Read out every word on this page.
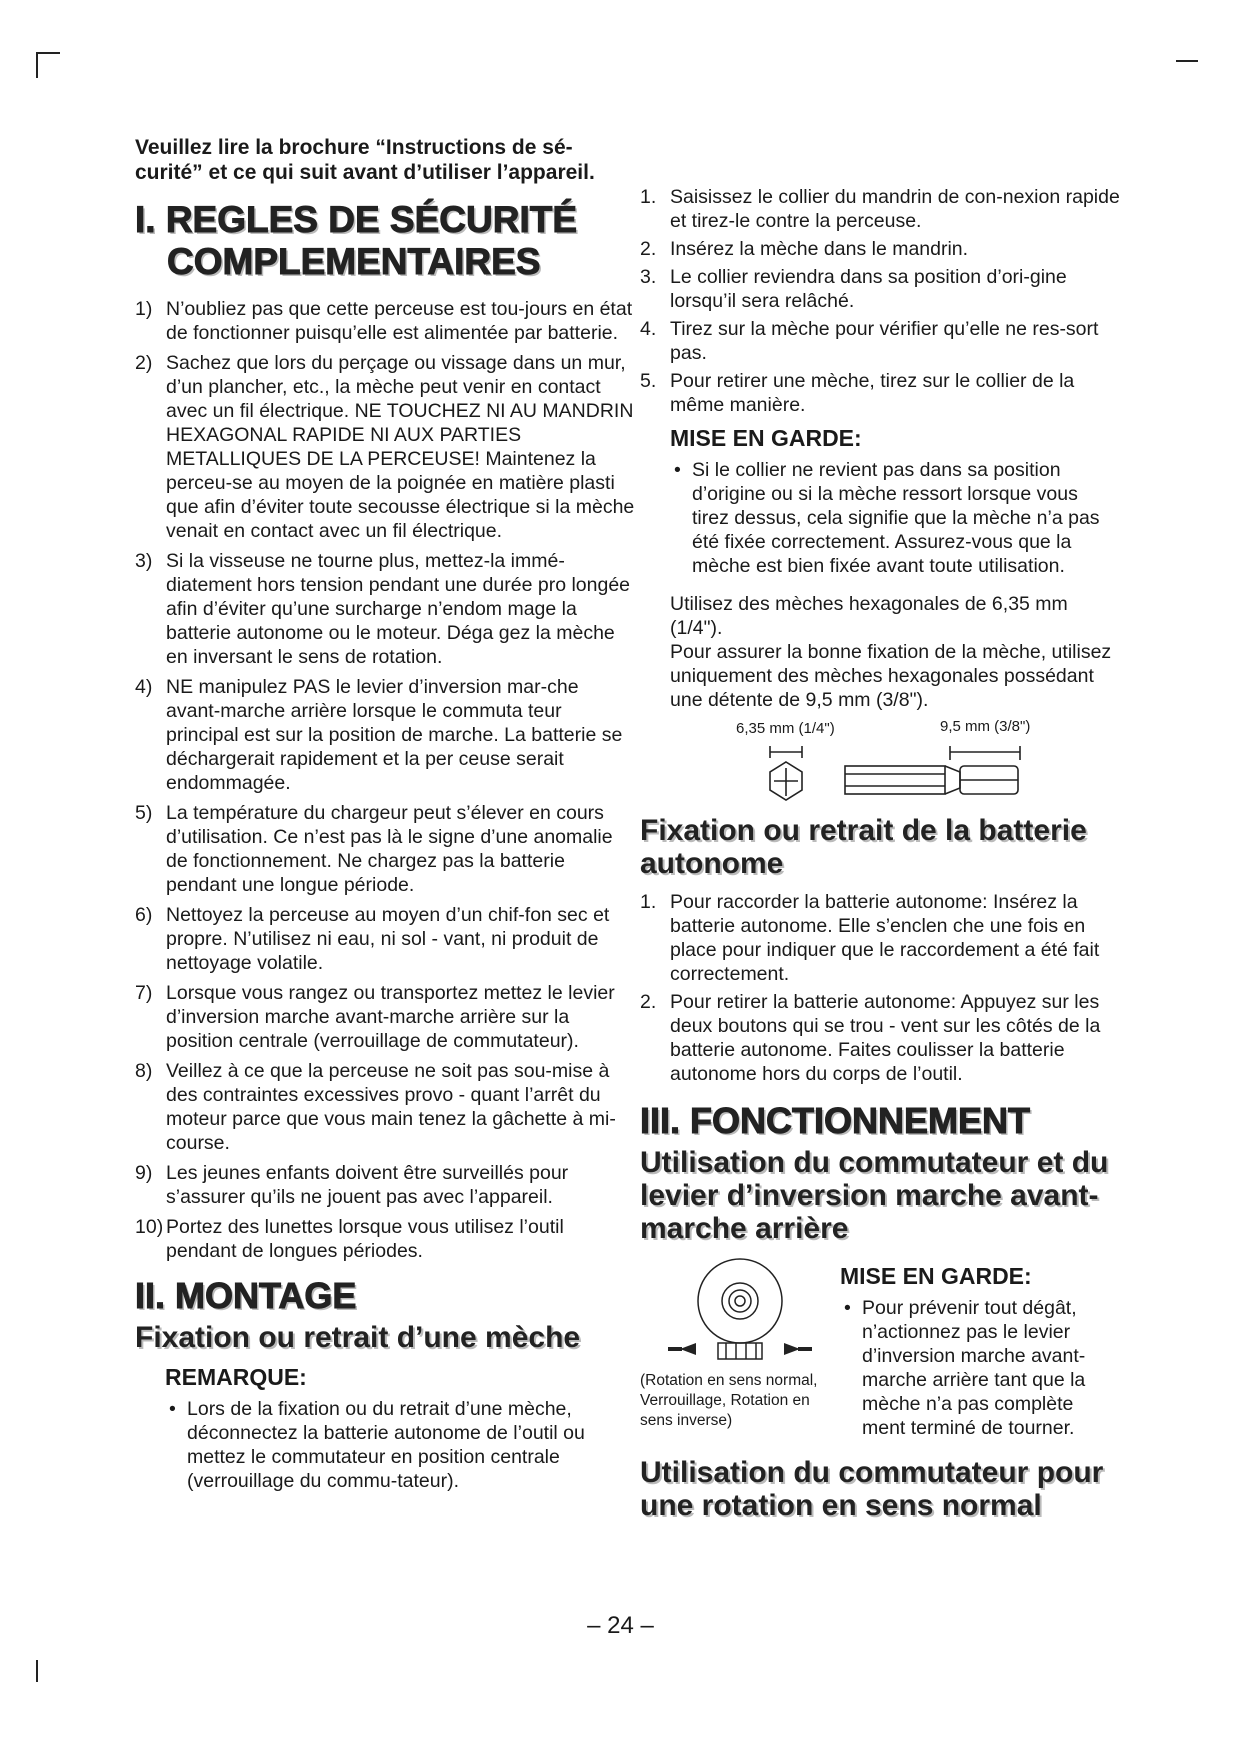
Veuillez lire la brochure “Instructions de sé-curité” et ce qui suit avant d’utiliser l’appareil.

I. REGLES DE SÉCURITÉ
COMPLEMENTAIRES
1) N’oubliez pas que cette perceuse est tou-jours en état de fonctionner puisqu’elle est alimentée par batterie.
2) Sachez que lors du perçage ou vissage dans un mur, d’un plancher, etc., la mèche peut venir en contact avec un fil électrique. NE TOUCHEZ NI AU MANDRIN HEXAGONAL RAPIDE NI AUX PARTIES METALLIQUES DE LA PERCEUSE! Maintenez la perceu-se au moyen de la poignée en matière plasti que afin d’éviter toute secousse électrique si la mèche venait en contact avec un fil électrique.
3) Si la visseuse ne tourne plus, mettez-la immé-diatement hors tension pendant une durée pro longée afin d’éviter qu’une surcharge n’endom mage la batterie autonome ou le moteur. Déga gez la mèche en inversant le sens de rotation.
4) NE manipulez PAS le levier d’inversion mar-che avant-marche arrière lorsque le commuta teur principal est sur la position de marche. La batterie se déchargerait rapidement et la per ceuse serait endommagée.
5) La température du chargeur peut s’élever en cours d’utilisation. Ce n’est pas là le signe d’une anomalie de fonctionnement. Ne chargez pas la batterie pendant une longue période.
6) Nettoyez la perceuse au moyen d’un chif-fon sec et propre. N’utilisez ni eau, ni sol - vant, ni produit de nettoyage volatile.
7) Lorsque vous rangez ou transportez mettez le levier d’inversion marche avant-marche arrière sur la position centrale (verrouillage de commutateur).
8) Veillez à ce que la perceuse ne soit pas sou-mise à des contraintes excessives provo - quant l’arrêt du moteur parce que vous main tenez la gâchette à mi-course.
9) Les jeunes enfants doivent être surveillés pour s’assurer qu’ils ne jouent pas avec l’appareil.
10) Portez des lunettes lorsque vous utilisez l’outil pendant de longues périodes.
II. MONTAGE
Fixation ou retrait d’une mèche
REMARQUE:
• Lors de la fixation ou du retrait d’une mèche, déconnectez la batterie autonome de l’outil ou mettez le commutateur en position centrale (verrouillage du commu-tateur).
1. Saisissez le collier du mandrin de con-nexion rapide et tirez-le contre la perceuse.
2. Insérez la mèche dans le mandrin.
3. Le collier reviendra dans sa position d’ori-gine lorsqu’il sera relâché.
4. Tirez sur la mèche pour vérifier qu’elle ne res-sort pas.
5. Pour retirer une mèche, tirez sur le collier de la même manière.
MISE EN GARDE:
• Si le collier ne revient pas dans sa position d’origine ou si la mèche ressort lorsque vous tirez dessus, cela signifie que la mèche n’a pas été fixée correctement. Assurez-vous que la mèche est bien fixée avant toute utilisation.
Utilisez des mèches hexagonales de 6,35 mm (1/4").
Pour assurer la bonne fixation de la mèche, utilisez uniquement des mèches hexagonales possédant une détente de 9,5 mm (3/8").
6,35 mm (1/4")	9,5 mm (3/8")
Fixation ou retrait de la batterie autonome
1. Pour raccorder la batterie autonome: Insérez la batterie autonome. Elle s’enclen che une fois en place pour indiquer que le raccordement a été fait correctement.
2. Pour retirer la batterie autonome: Appuyez sur les deux boutons qui se trou - vent sur les côtés de la batterie autonome. Faites coulisser la batterie autonome hors du corps de l’outil.
III. FONCTIONNEMENT
Utilisation du commutateur et du levier d’inversion marche avant-marche arrière
(Rotation en sens normal, Verrouillage, Rotation en sens inverse)
MISE EN GARDE:
• Pour prévenir tout dégât, n’actionnez pas le levier d’inversion marche avant-marche arrière tant que la mèche n’a pas complète ment terminé de tourner.
Utilisation du commutateur pour une rotation en sens normal
– 24 –
